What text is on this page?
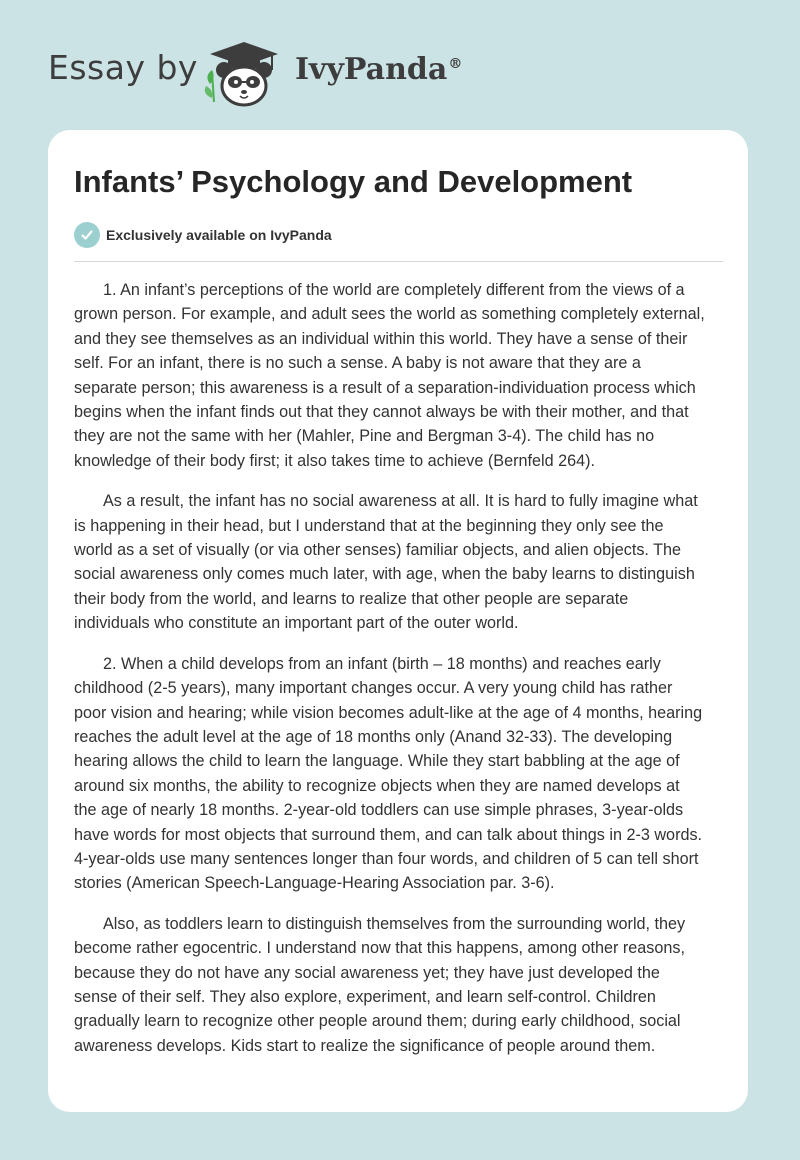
Essay by	IvyPanda®
Infants’ Psychology and Development
Exclusively available on IvyPanda

1. An infant’s perceptions of the world are completely different from the views of a
grown person. For example, and adult sees the world as something completely external,
and they see themselves as an individual within this world. They have a sense of their
self. For an infant, there is no such a sense. A baby is not aware that they are a
separate person; this awareness is a result of a separation-individuation process which
begins when the infant finds out that they cannot always be with their mother, and that
they are not the same with her (Mahler, Pine and Bergman 3-4). The child has no
knowledge of their body first; it also takes time to achieve (Bernfeld 264).

As a result, the infant has no social awareness at all. It is hard to fully imagine what
is happening in their head, but I understand that at the beginning they only see the
world as a set of visually (or via other senses) familiar objects, and alien objects. The
social awareness only comes much later, with age, when the baby learns to distinguish
their body from the world, and learns to realize that other people are separate
individuals who constitute an important part of the outer world.

2. When a child develops from an infant (birth – 18 months) and reaches early
childhood (2-5 years), many important changes occur. A very young child has rather
poor vision and hearing; while vision becomes adult-like at the age of 4 months, hearing
reaches the adult level at the age of 18 months only (Anand 32-33). The developing
hearing allows the child to learn the language. While they start babbling at the age of
around six months, the ability to recognize objects when they are named develops at
the age of nearly 18 months. 2-year-old toddlers can use simple phrases, 3-year-olds
have words for most objects that surround them, and can talk about things in 2-3 words.
4-year-olds use many sentences longer than four words, and children of 5 can tell short
stories (American Speech-Language-Hearing Association par. 3-6).

Also, as toddlers learn to distinguish themselves from the surrounding world, they
become rather egocentric. I understand now that this happens, among other reasons,
because they do not have any social awareness yet; they have just developed the
sense of their self. They also explore, experiment, and learn self-control. Children
gradually learn to recognize other people around them; during early childhood, social
awareness develops. Kids start to realize the significance of people around them.
